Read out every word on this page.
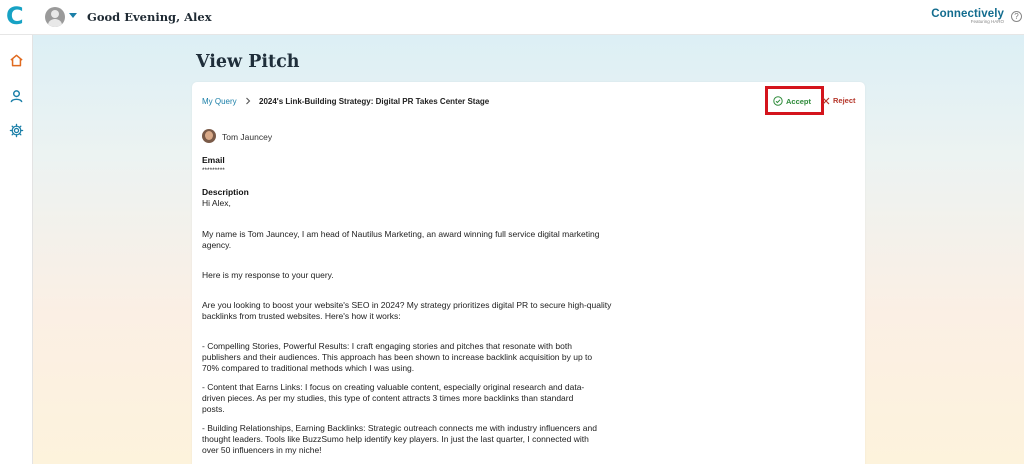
C	Good Evening, Alex	Connectively
Featuring HARO
?
View Pitch
My Query	2024's Link-Building Strategy: Digital PR Takes Center Stage	Accept	Reject
Tom Jauncey
Email
*********
Description
Hi Alex,
My name is Tom Jauncey, I am head of Nautilus Marketing, an award winning full service digital marketing agency.
Here is my response to your query.
Are you looking to boost your website's SEO in 2024? My strategy prioritizes digital PR to secure high-quality backlinks from trusted websites. Here's how it works:
- Compelling Stories, Powerful Results: I craft engaging stories and pitches that resonate with both publishers and their audiences. This approach has been shown to increase backlink acquisition by up to 70% compared to traditional methods which I was using.
- Content that Earns Links: I focus on creating valuable content, especially original research and data-driven pieces. As per my studies, this type of content attracts 3 times more backlinks than standard posts.
- Building Relationships, Earning Backlinks: Strategic outreach connects me with industry influencers and thought leaders. Tools like BuzzSumo help identify key players. In just the last quarter, I connected with over 50 influencers in my niche!
